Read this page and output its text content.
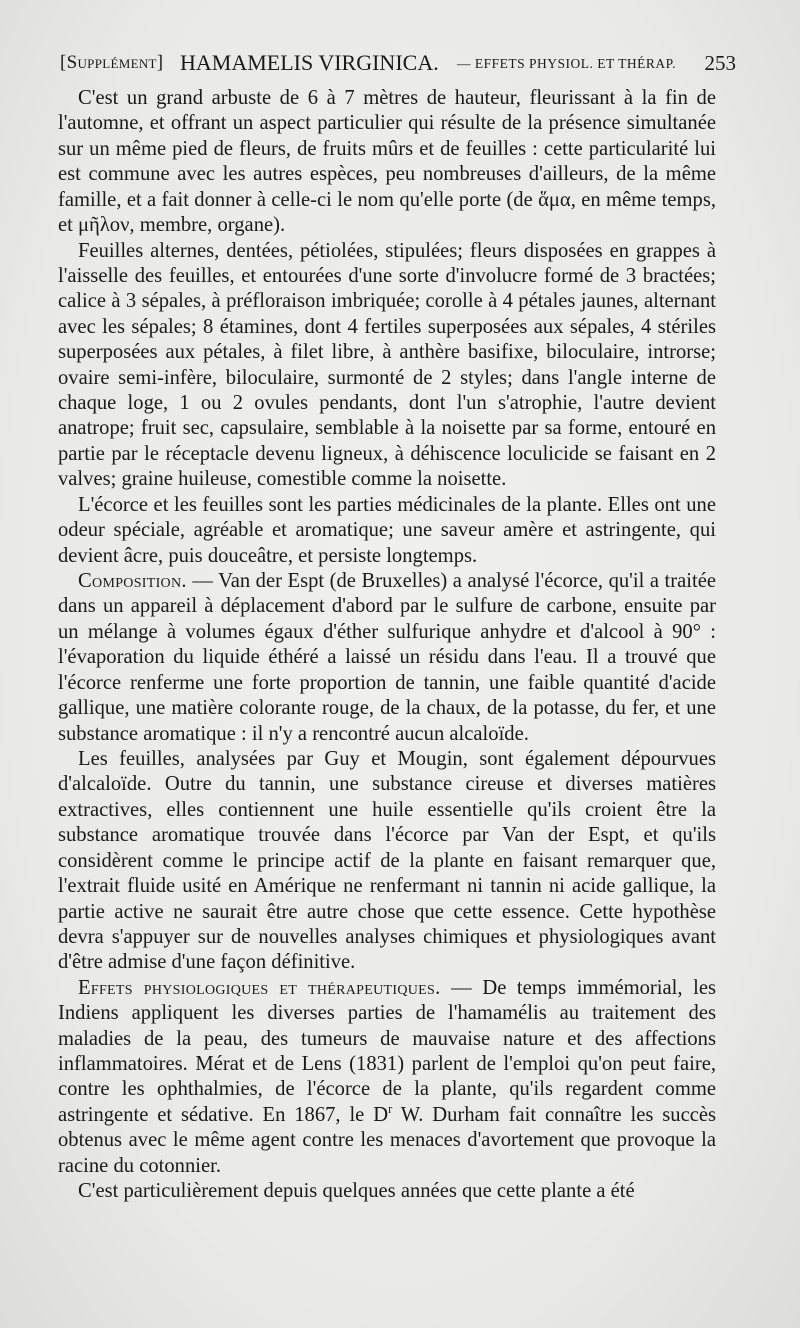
[Supplément] HAMAMELIS VIRGINICA. — EFFETS PHYSIOL. ET THÉRAP. 253

C'est un grand arbuste de 6 à 7 mètres de hauteur, fleurissant à la fin de l'automne, et offrant un aspect particulier qui résulte de la présence simultanée sur un même pied de fleurs, de fruits mûrs et de feuilles : cette particularité lui est commune avec les autres espèces, peu nombreuses d'ailleurs, de la même famille, et a fait donner à celle-ci le nom qu'elle porte (de ἅμα, en même temps, et μῆλον, membre, organe).

Feuilles alternes, dentées, pétiolées, stipulées; fleurs disposées en grappes à l'aisselle des feuilles, et entourées d'une sorte d'involucre formé de 3 bractées; calice à 3 sépales, à préfloraison imbriquée; corolle à 4 pétales jaunes, alternant avec les sépales; 8 étamines, dont 4 fertiles superposées aux sépales, 4 stériles superposées aux pétales, à filet libre, à anthère basifixe, biloculaire, introrse; ovaire semi-infère, biloculaire, surmonté de 2 styles; dans l'angle interne de chaque loge, 1 ou 2 ovules pendants, dont l'un s'atrophie, l'autre devient anatrope; fruit sec, capsulaire, semblable à la noisette par sa forme, entouré en partie par le réceptacle devenu ligneux, à déhiscence loculicide se faisant en 2 valves; graine huileuse, comestible comme la noisette.

L'écorce et les feuilles sont les parties médicinales de la plante. Elles ont une odeur spéciale, agréable et aromatique; une saveur amère et astringente, qui devient âcre, puis douceâtre, et persiste longtemps.

Composition. — Van der Espt (de Bruxelles) a analysé l'écorce, qu'il a traitée dans un appareil à déplacement d'abord par le sulfure de carbone, ensuite par un mélange à volumes égaux d'éther sulfurique anhydre et d'alcool à 90° : l'évaporation du liquide éthéré a laissé un résidu dans l'eau. Il a trouvé que l'écorce renferme une forte proportion de tannin, une faible quantité d'acide gallique, une matière colorante rouge, de la chaux, de la potasse, du fer, et une substance aromatique : il n'y a rencontré aucun alcaloïde.

Les feuilles, analysées par Guy et Mougin, sont également dépourvues d'alcaloïde. Outre du tannin, une substance cireuse et diverses matières extractives, elles contiennent une huile essentielle qu'ils croient être la substance aromatique trouvée dans l'écorce par Van der Espt, et qu'ils considèrent comme le principe actif de la plante en faisant remarquer que, l'extrait fluide usité en Amérique ne renfermant ni tannin ni acide gallique, la partie active ne saurait être autre chose que cette essence. Cette hypothèse devra s'appuyer sur de nouvelles analyses chimiques et physiologiques avant d'être admise d'une façon définitive.

Effets physiologiques et thérapeutiques. — De temps immémorial, les Indiens appliquent les diverses parties de l'hamamélis au traitement des maladies de la peau, des tumeurs de mauvaise nature et des affections inflammatoires. Mérat et de Lens (1831) parlent de l'emploi qu'on peut faire, contre les ophthalmies, de l'écorce de la plante, qu'ils regardent comme astringente et sédative. En 1867, le $D^r$ W. Durham fait connaître les succès obtenus avec le même agent contre les menaces d'avortement que provoque la racine du cotonnier.

C'est particulièrement depuis quelques années que cette plante a été
